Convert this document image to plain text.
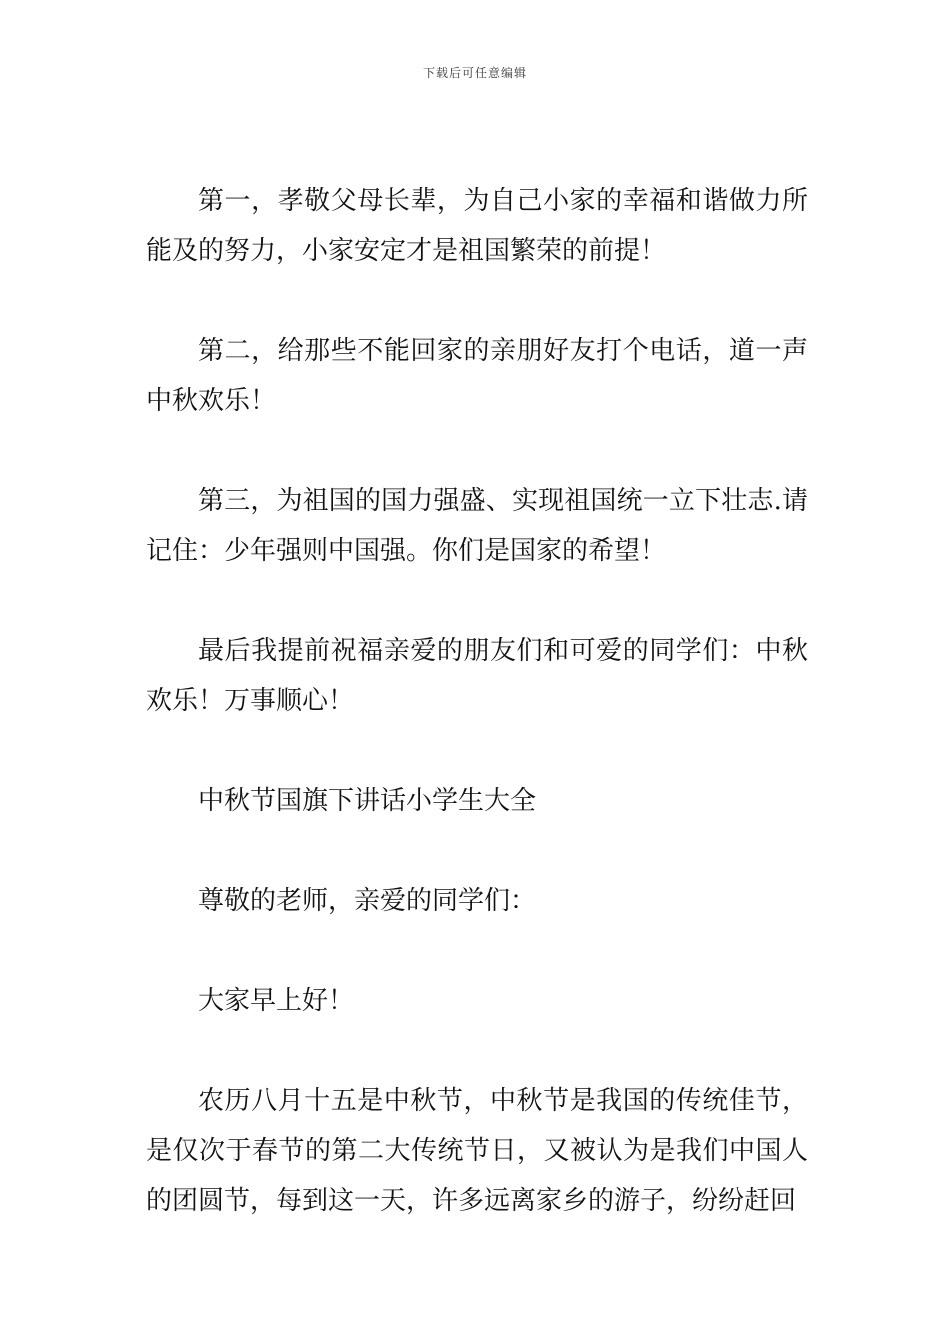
下载后可任意编辑

第一，孝敬父母长辈，为自己小家的幸福和谐做力所能及的努力，小家安定才是祖国繁荣的前提！

第二，给那些不能回家的亲朋好友打个电话，道一声中秋欢乐！

第三，为祖国的国力强盛、实现祖国统一立下壮志.请记住：少年强则中国强。你们是国家的希望！

最后我提前祝福亲爱的朋友们和可爱的同学们：中秋欢乐！万事顺心！

中秋节国旗下讲话小学生大全

尊敬的老师，亲爱的同学们：

大家早上好！

农历八月十五是中秋节，中秋节是我国的传统佳节，是仅次于春节的第二大传统节日，又被认为是我们中国人的团圆节，每到这一天，许多远离家乡的游子，纷纷赶回
